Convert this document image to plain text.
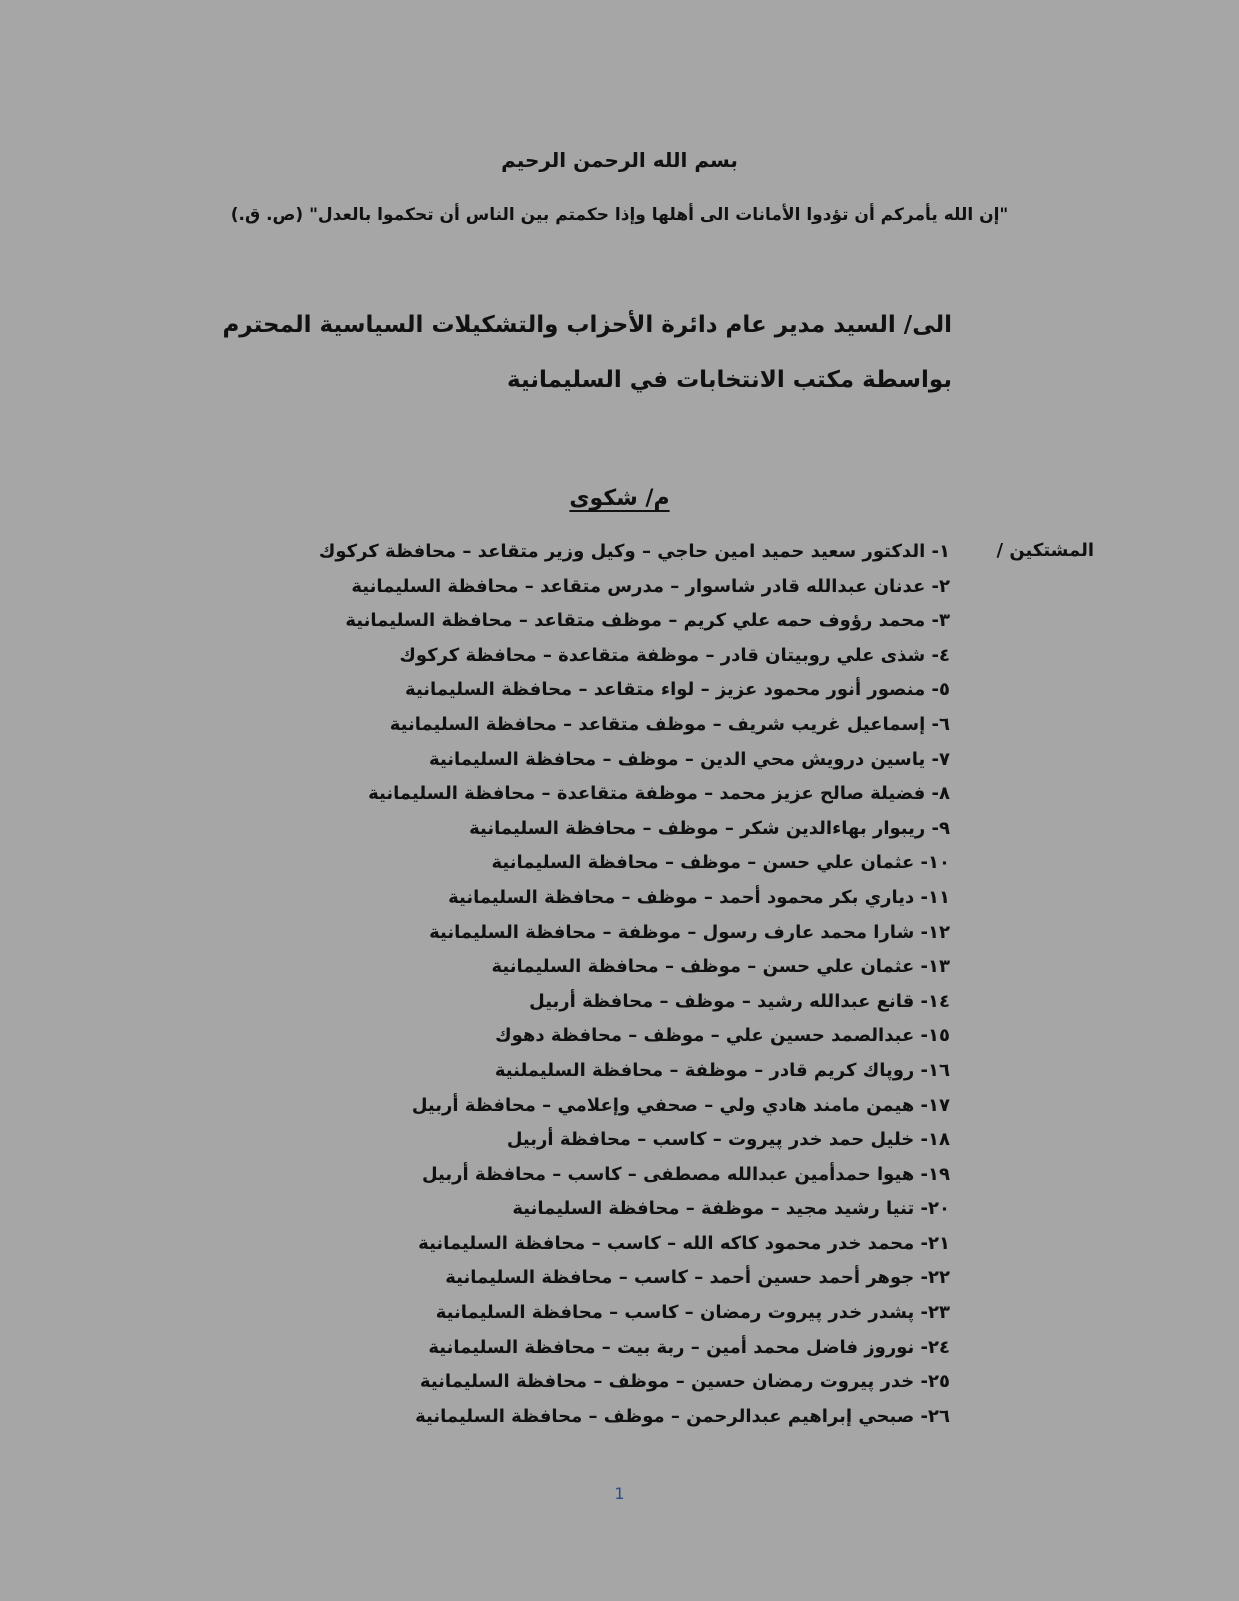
بسم الله الرحمن الرحيم
"إن الله يأمركم أن تؤدوا الأمانات الى أهلها وإذا حكمتم بين الناس أن تحكموا بالعدل" (ص. ق.)
الى/ السيد مدير عام دائرة الأحزاب والتشكيلات السياسية المحترم
بواسطة مكتب الانتخابات في السليمانية
م/ شكوى
المشتكين /
١- الدكتور سعيد حميد امين حاجي – وكيل وزير متقاعد – محافظة كركوك
٢- عدنان عبدالله قادر شاسوار – مدرس متقاعد – محافظة السليمانية
٣- محمد رؤوف حمه علي كريم – موظف متقاعد – محافظة السليمانية
٤- شذى علي روبيتان قادر – موظفة متقاعدة – محافظة كركوك
٥- منصور أنور محمود عزيز – لواء متقاعد – محافظة السليمانية
٦- إسماعيل غريب شريف – موظف متقاعد – محافظة السليمانية
٧- ياسين درويش محي الدين – موظف – محافظة السليمانية
٨- فضيلة صالح عزيز محمد – موظفة متقاعدة – محافظة السليمانية
٩- ريبوار بهاءالدين شكر – موظف – محافظة السليمانية
١٠- عثمان علي حسن – موظف – محافظة السليمانية
١١- دياري بكر محمود أحمد – موظف – محافظة السليمانية
١٢- شارا محمد عارف رسول – موظفة – محافظة السليمانية
١٣- عثمان علي حسن – موظف – محافظة السليمانية
١٤- قانع عبدالله رشيد – موظف – محافظة أربيل
١٥- عبدالصمد حسين علي – موظف – محافظة دهوك
١٦- روپاك كريم قادر – موظفة – محافظة السليملنية
١٧- هيمن مامند هادي ولي – صحفي وإعلامي – محافظة أربيل
١٨- خليل حمد خدر پيروت – كاسب – محافظة أربيل
١٩- هيوا حمدأمين عبدالله مصطفى – كاسب – محافظة أربيل
٢٠- تنيا رشيد مجيد – موظفة – محافظة السليمانية
٢١- محمد خدر محمود كاكه الله – كاسب – محافظة السليمانية
٢٢- جوهر أحمد حسين أحمد – كاسب – محافظة السليمانية
٢٣- پشدر خدر پيروت رمضان – كاسب – محافظة السليمانية
٢٤- نوروز فاضل محمد أمين – ربة بيت – محافظة السليمانية
٢٥- خدر پيروت رمضان حسين – موظف – محافظة السليمانية
٢٦- صبحي إبراهيم عبدالرحمن – موظف – محافظة السليمانية
1
